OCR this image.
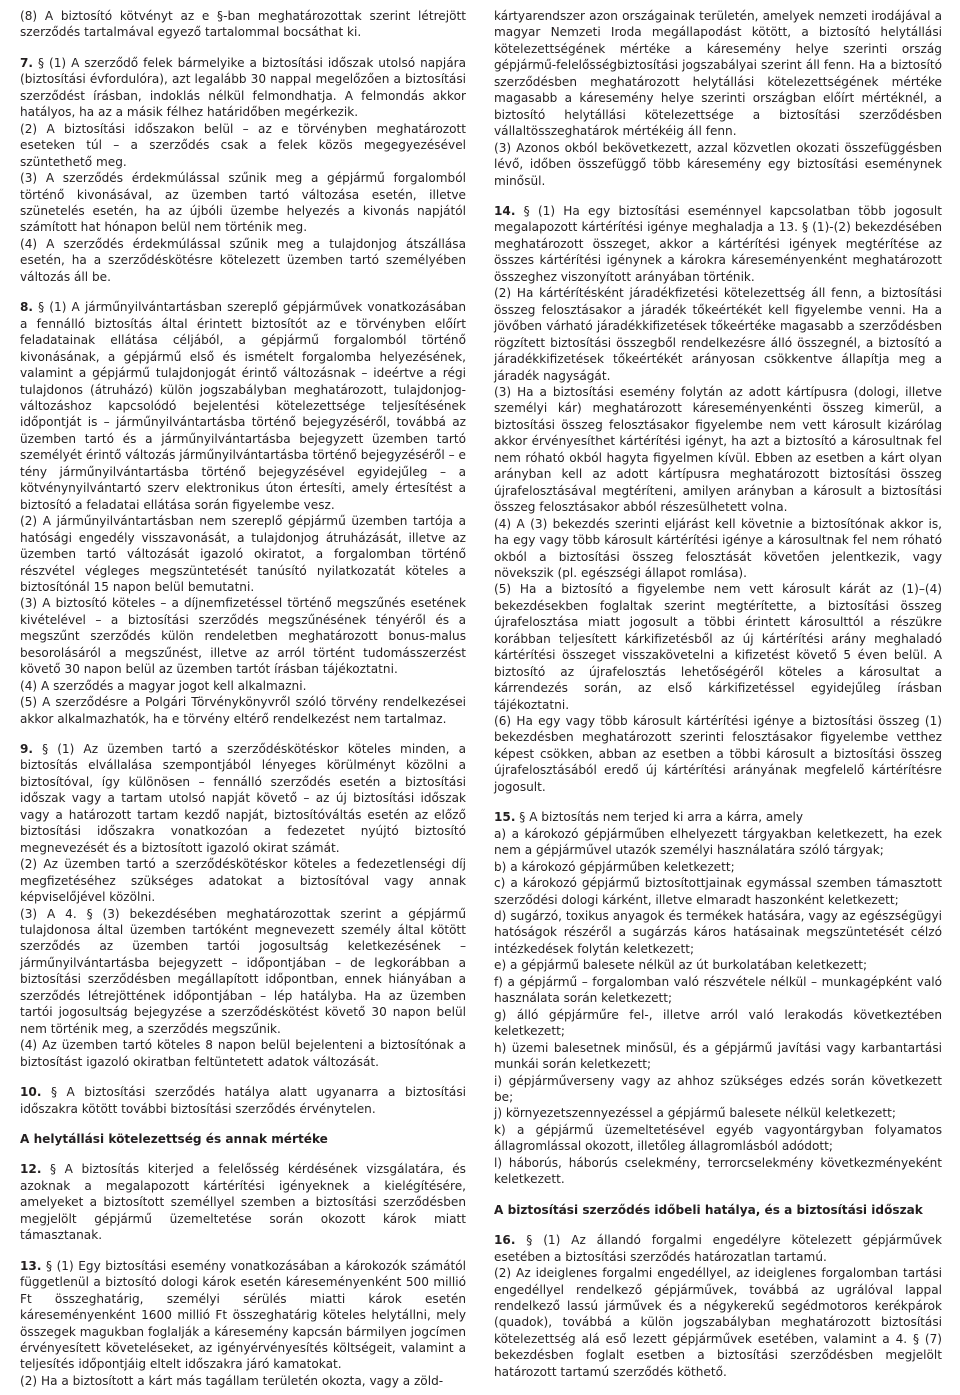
(8) A biztosító kötvényt az e §-ban meghatározottak szerint létrejött szerződés tartalmával egyező tartalommal bocsáthat ki.

7. § (1) A szerződő felek bármelyike a biztosítási időszak utolsó napjára (biztosítási évfordulóra), azt legalább 30 nappal megelőzően a biztosítási szerződést írásban, indoklás nélkül felmondhatja. A felmondás akkor hatályos, ha az a másik félhez határidőben megérkezik.

(2) A biztosítási időszakon belül – az e törvényben meghatározott eseteken túl – a szerződés csak a felek közös megegyezésével szüntethető meg.

(3) A szerződés érdekmúlással szűnik meg a gépjármű forgalomból történő kivonásával, az üzemben tartó változása esetén, illetve szünetelés esetén, ha az újbóli üzembe helyezés a kivonás napjától számított hat hónapon belül nem történik meg.

(4) A szerződés érdekmúlással szűnik meg a tulajdonjog átszállása esetén, ha a szerződéskötésre kötelezett üzemben tartó személyében változás áll be.

8. § (1) A járműnyilvántartásban szereplő gépjárművek vonatkozásában a fennálló biztosítás által érintett biztosítót az e törvényben előírt feladatainak ellátása céljából, a gépjármű forgalomból történő kivonásának, a gépjármű első és ismételt forgalomba helyezésének, valamint a gépjármű tulajdonjogát érintő változásnak – ideértve a régi tulajdonos (átruházó) külön jogszabályban meghatározott, tulajdonjog-változáshoz kapcsolódó bejelentési kötelezettsége teljesítésének időpontját is – járműnyilvántartásba történő bejegyzéséről, továbbá az üzemben tartó és a járműnyilvántartásba bejegyzett üzemben tartó személyét érintő változás járműnyilvántartásba történő bejegyzéséről – e tény járműnyilvántartásba történő bejegyzésével egyidejűleg – a kötvénynyilvántartó szerv elektronikus úton értesíti, amely értesítést a biztosító a feladatai ellátása során figyelembe vesz.

(2) A járműnyilvántartásban nem szereplő gépjármű üzemben tartója a hatósági engedély visszavonását, a tulajdonjog átruházását, illetve az üzemben tartó változását igazoló okiratot, a forgalomban történő részvétel végleges megszüntetését tanúsító nyilatkozatát köteles a biztosítónál 15 napon belül bemutatni.

(3) A biztosító köteles – a díjnemfizetéssel történő megszűnés esetének kivételével – a biztosítási szerződés megszűnésének tényéről és a megszűnt szerződés külön rendeletben meghatározott bonus-malus besorolásáról a megszűnést, illetve az arról történt tudomásszerzést követő 30 napon belül az üzemben tartót írásban tájékoztatni.

(4) A szerződés a magyar jogot kell alkalmazni.

(5) A szerződésre a Polgári Törvénykönyvről szóló törvény rendelkezései akkor alkalmazhatók, ha e törvény eltérő rendelkezést nem tartalmaz.

9. § (1) Az üzemben tartó a szerződéskötéskor köteles minden, a biztosítás elvállalása szempontjából lényeges körülményt közölni a biztosítóval, így különösen – fennálló szerződés esetén a biztosítási időszak vagy a tartam utolsó napját követő – az új biztosítási időszak vagy a határozott tartam kezdő napját, biztosítóváltás esetén az előző biztosítási időszakra vonatkozóan a fedezetet nyújtó biztosító megnevezését és a biztosított igazoló okirat számát.

(2) Az üzemben tartó a szerződéskötéskor köteles a fedezetlenségi díj megfizetéséhez szükséges adatokat a biztosítóval vagy annak képviselőjével közölni.

(3) A 4. § (3) bekezdésében meghatározottak szerint a gépjármű tulajdonosa által üzemben tartóként megnevezett személy által kötött szerződés az üzemben tartói jogosultság keletkezésének – járműnyilvántartásba bejegyzett – időpontjában – de legkorábban a biztosítási szerződésben megállapított időpontban, ennek hiányában a szerződés létrejöttének időpontjában – lép hatályba. Ha az üzemben tartói jogosultság bejegyzése a szerződéskötést követő 30 napon belül nem történik meg, a szerződés megszűnik.

(4) Az üzemben tartó köteles 8 napon belül bejelenteni a biztosítónak a biztosítást igazoló okiratban feltüntetett adatok változását.

10. § A biztosítási szerződés hatálya alatt ugyanarra a biztosítási időszakra kötött további biztosítási szerződés érvénytelen.

A helytállási kötelezettség és annak mértéke

12. § A biztosítás kiterjed a felelősség kérdésének vizsgálatára, és azoknak a megalapozott kártérítési igényeknek a kielégítésére, amelyeket a biztosított személlyel szemben a biztosítási szerződésben megjelölt gépjármű üzemeltetése során okozott károk miatt támasztanak.

13. § (1) Egy biztosítási esemény vonatkozásában a károkozók számától függetlenül a biztosító dologi károk esetén káreseményenként 500 millió Ft összeghatárig, személyi sérülés miatti károk esetén káreseményenként 1600 millió Ft összeghatárig köteles helytállni, mely összegek magukban foglalják a káresemény kapcsán bármilyen jogcímen érvényesített követeléseket, az igényérvényesítés költségeit, valamint a teljesítés időpontjáig eltelt időszakra járó kamatokat.

(2) Ha a biztosított a kárt más tagállam területén okozta, vagy a zöld-

kártyarendszer azon országainak területén, amelyek nemzeti irodájával a magyar Nemzeti Iroda megállapodást kötött, a biztosító helytállási kötelezettségének mértéke a káresemény helye szerinti ország gépjármű-felelősségbiztosítási jogszabályai szerint áll fenn. Ha a biztosító szerződésben meghatározott helytállási kötelezettségének mértéke magasabb a káresemény helye szerinti országban előírt mértéknél, a biztosító helytállási kötelezettsége a biztosítási szerződésben vállaltösszeghatárok mértékéig áll fenn.

(3) Azonos okból bekövetkezett, azzal közvetlen okozati összefüggésben lévő, időben összefüggő több káresemény egy biztosítási eseménynek minősül.

14. § (1) Ha egy biztosítási eseménnyel kapcsolatban több jogosult megalapozott kártérítési igénye meghaladja a 13. § (1)-(2) bekezdésében meghatározott összeget, akkor a kártérítési igények megtérítése az összes kártérítési igénynek a károkra káreseményenként meghatározott összeghez viszonyított arányában történik.

(2) Ha kártérítésként járadékfizetési kötelezettség áll fenn, a biztosítási összeg felosztásakor a járadék tőkeértékét kell figyelembe venni. Ha a jövőben várható járadékkifizetések tőkeértéke magasabb a szerződésben rögzített biztosítási összegből rendelkezésre álló összegnél, a biztosító a járadékkifizetések tőkeértékét arányosan csökkentve állapítja meg a járadék nagyságát.

(3) Ha a biztosítási esemény folytán az adott kártípusra (dologi, illetve személyi kár) meghatározott káreseményenkénti összeg kimerül, a biztosítási összeg felosztásakor figyelembe nem vett károsult kizárólag akkor érvényesíthet kártérítési igényt, ha azt a biztosító a károsultnak fel nem róható okból hagyta figyelmen kívül. Ebben az esetben a kárt olyan arányban kell az adott kártípusra meghatározott biztosítási összeg újrafelosztásával megtéríteni, amilyen arányban a károsult a biztosítási összeg felosztásakor abból részesülhetett volna.

(4) A (3) bekezdés szerinti eljárást kell követnie a biztosítónak akkor is, ha egy vagy több károsult kártérítési igénye a károsultnak fel nem róható okból a biztosítási összeg felosztását követően jelentkezik, vagy növekszik (pl. egészségi állapot romlása).

(5) Ha a biztosító a figyelembe nem vett károsult kárát az (1)–(4) bekezdésekben foglaltak szerint megtérítette, a biztosítási összeg újrafelosztása miatt jogosult a többi érintett károsulttól a részükre korábban teljesített kárkifizetésből az új kártérítési arány meghaladó kártérítési összeget visszakövetelni a kifizetést követő 5 éven belül. A biztosító az újrafelosztás lehetőségéről köteles a károsultat a kárrendezés során, az első kárkifizetéssel egyidejűleg írásban tájékoztatni.

(6) Ha egy vagy több károsult kártérítési igénye a biztosítási összeg (1) bekezdésben meghatározott szerinti felosztásakor figyelembe vetthez képest csökken, abban az esetben a többi károsult a biztosítási összeg újrafelosztásából eredő új kártérítési arányának megfelelő kártérítésre jogosult.

15. § A biztosítás nem terjed ki arra a kárra, amely

a) a károkozó gépjárműben elhelyezett tárgyakban keletkezett, ha ezek nem a gépjárművel utazók személyi használatára szóló tárgyak;

b) a károkozó gépjárműben keletkezett;

c) a károkozó gépjármű biztosítottjainak egymással szemben támasztott szerződési dologi kárként, illetve elmaradt haszonként keletkezett;

d) sugárzó, toxikus anyagok és termékek hatására, vagy az egészségügyi hatóságok részéről a sugárzás káros hatásainak megszüntetését célzó intézkedések folytán keletkezett;

e) a gépjármű balesete nélkül az út burkolatában keletkezett;

f) a gépjármű – forgalomban való részvétele nélkül – munkagépként való használata során keletkezett;

g) álló gépjárműre fel-, illetve arról való lerakodás következtében keletkezett;

h) üzemi balesetnek minősül, és a gépjármű javítási vagy karbantartási munkái során keletkezett;

i) gépjárműverseny vagy az ahhoz szükséges edzés során következett be;

j) környezetszennyezéssel a gépjármű balesete nélkül keletkezett;

k) a gépjármű üzemeltetésével egyéb vagyontárgyban folyamatos állagromlással okozott, illetőleg állagromlásból adódott;

l) háborús, háborús cselekmény, terrorcselekmény következményeként keletkezett.

A biztosítási szerződés időbeli hatálya, és a biztosítási időszak

16. § (1) Az állandó forgalmi engedélyre kötelezett gépjárművek esetében a biztosítási szerződés határozatlan tartamú.

(2) Az ideiglenes forgalmi engedéllyel, az ideiglenes forgalomban tartási engedéllyel rendelkező gépjárművek, továbbá az ugrálóval lappal rendelkező lassú járművek és a négykerekű segédmotoros kerékpárok (quadok), továbbá a külön jogszabályban meghatározott biztosítási kötelezettség alá eső lezett gépjárművek esetében, valamint a 4. § (7) bekezdésben foglalt esetben a biztosítási szerződésben megjelölt határozott tartamú szerződés köthető.
